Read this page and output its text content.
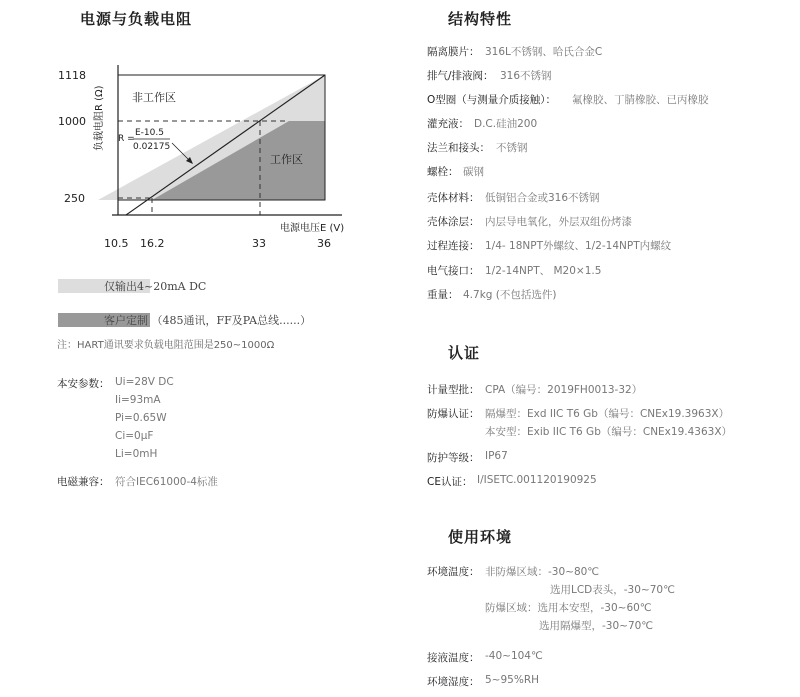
电源与负载电阻
非工作区
工作区
R =
E-10.5
0.02175
1118
1000
250
负载电阻R (Ω)
电源电压E (V)
10.5 16.2	33	36
仅输出4~20mA DC
客户定制 （485通讯，FF及PA总线......）
注：HART通讯要求负载电阻范围是250~1000Ω
本安参数： Ui=28V DC
Ii=93mA
Pi=0.65W
Ci=0μF
Li=0mH
电磁兼容： 符合IEC61000-4标准
结构特性
隔离膜片： 316L不锈钢、哈氏合金C
排气/排液阀： 316不锈钢
O型圈（与测量介质接触）： 氟橡胶、丁腈橡胶、已丙橡胶
灌充液： D.C.硅油200
法兰和接头： 不锈钢
螺栓： 碳钢
壳体材料： 低铜铝合金或316不锈钢
壳体涂层： 内层导电氧化，外层双组份烤漆
过程连接： 1/4- 18NPT外螺纹、1/2-14NPT内螺纹
电气接口： 1/2-14NPT、 M20×1.5
重量： 4.7kg (不包括选件)
认证
计量型批： CPA（编号：2019FH0013-32）
防爆认证： 隔爆型：Exd IIC T6 Gb（编号：CNEx19.3963X）
本安型：Exib IIC T6 Gb（编号：CNEx19.4363X）
防护等级： IP67
CE认证： I/ISETC.001120190925
使用环境
环境温度： 非防爆区域：-30~80℃
选用LCD表头，-30~70℃
防爆区域：选用本安型，-30~60℃
选用隔爆型，-30~70℃
接液温度： -40~104℃
环境湿度： 5~95%RH
